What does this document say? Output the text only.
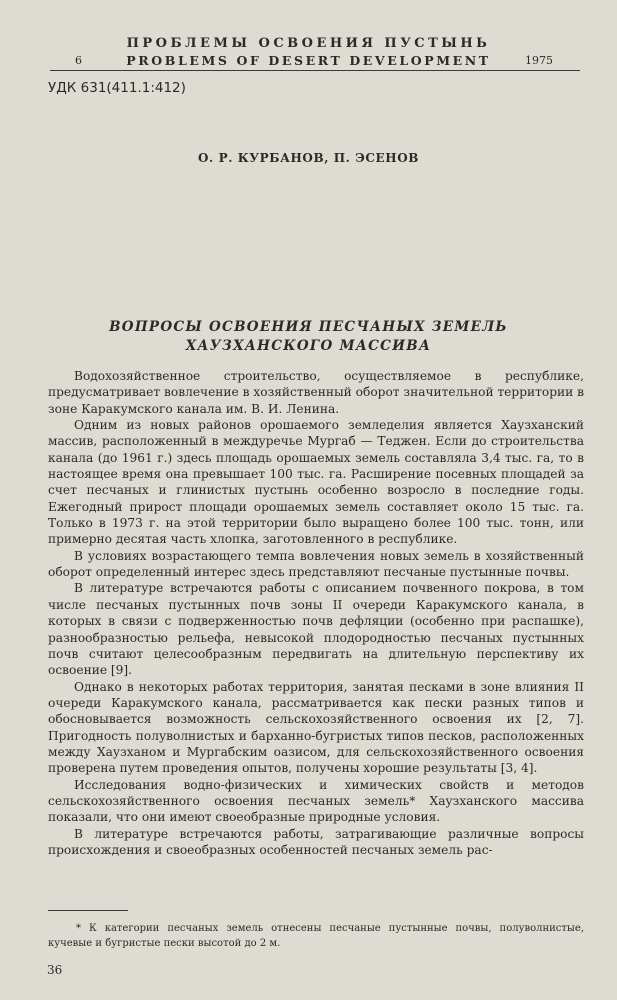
ПРОБЛЕМЫ ОСВОЕНИЯ ПУСТЫНЬ
6	PROBLEMS OF DESERT DEVELOPMENT	1975
УДК 631(411.1:412)
О. Р. КУРБАНОВ, П. ЭСЕНОВ
ВОПРОСЫ ОСВОЕНИЯ ПЕСЧАНЫХ ЗЕМЕЛЬ
ХАУЗХАНСКОГО МАССИВА

Водохозяйственное строительство, осуществляемое в республике, предусматривает вовлечение в хозяйственный оборот значительной территории в зоне Каракумского канала им. В. И. Ленина.

Одним из новых районов орошаемого земледелия является Хаузханский массив, расположенный в междуречье Мургаб — Теджен. Если до строительства канала (до 1961 г.) здесь площадь орошаемых земель составляла 3,4 тыс. га, то в настоящее время она превышает 100 тыс. га. Расширение посевных площадей за счет песчаных и глинистых пустынь особенно возросло в последние годы. Ежегодный прирост площади орошаемых земель составляет около 15 тыс. га. Только в 1973 г. на этой территории было выращено более 100 тыс. тонн, или примерно десятая часть хлопка, заготовленного в республике.

В условиях возрастающего темпа вовлечения новых земель в хозяйственный оборот определенный интерес здесь представляют песчаные пустынные почвы.

В литературе встречаются работы с описанием почвенного покрова, в том числе песчаных пустынных почв зоны II очереди Каракумского канала, в которых в связи с подверженностью почв дефляции (особенно при распашке), разнообразностью рельефа, невысокой плодородностью песчаных пустынных почв считают целесообразным передвигать на длительную перспективу их освоение [9].

Однако в некоторых работах территория, занятая песками в зоне влияния II очереди Каракумского канала, рассматривается как пески разных типов и обосновывается возможность сельскохозяйственного освоения их [2, 7]. Пригодность полуволнистых и барханно-бугристых типов песков, расположенных между Хаузханом и Мургабским оазисом, для сельскохозяйственного освоения проверена путем проведения опытов, получены хорошие результаты [3, 4].

Исследования водно-физических и химических свойств и методов сельскохозяйственного освоения песчаных земель* Хаузханского массива показали, что они имеют своеобразные природные условия.

В литературе встречаются работы, затрагивающие различные вопросы происхождения и своеобразных особенностей песчаных земель рас-

* К категории песчаных земель отнесены песчаные пустынные почвы, полуволнистые, кучевые и бугристые пески высотой до 2 м.
36
